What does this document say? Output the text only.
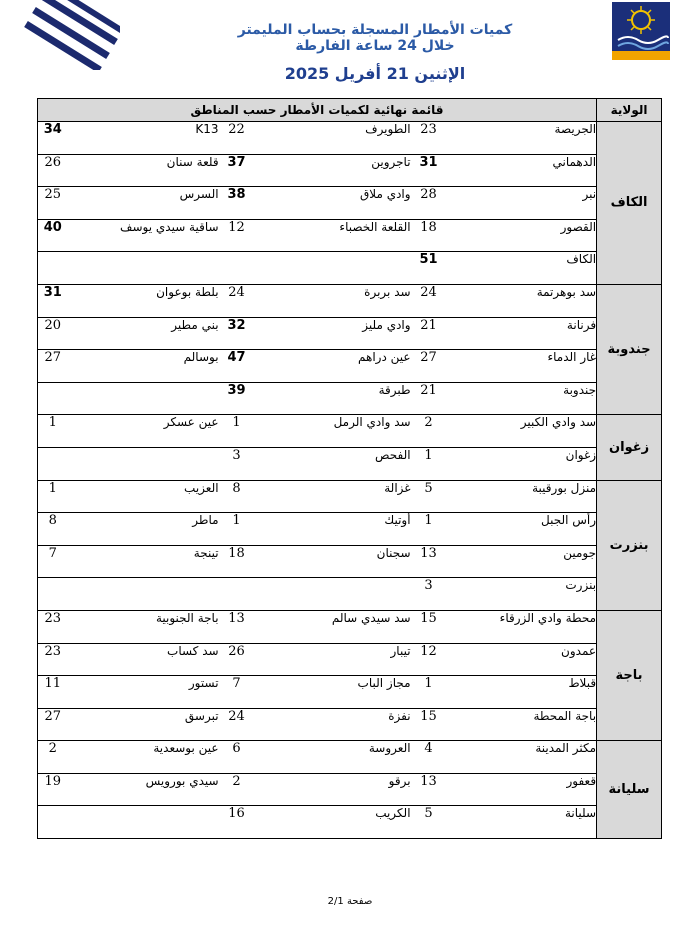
كميات الأمطار المسجلة بحساب المليمتر
خلال 24 ساعة الفارطة
الإثنين 21 أفريل 2025
الولاية	قائمة نهائية لكميات الأمطار حسب المناطق					
الكاف	الجريصة	23	الطويرف	22	K13	34
	الدهماني	31	تاجروين	37	قلعة سنان	26
	نبر	28	وادي ملاق	38	السرس	25
	القصور	18	القلعة الخصباء	12	ساقية سيدي يوسف	40
	الكاف	51				
جندوبة	سد بوهرتمة	24	سد بربرة	24	بلطة بوعوان	31
	فرنانة	21	وادي مليز	32	بني مطير	20
	غار الدماء	27	عين دراهم	47	بوسالم	27
	جندوبة	21	طبرقة	39		
زغوان	سد وادي الكبير	2	سد وادي الرمل	1	عين عسكر	1
	زغوان	1	الفحص	3		
بنزرت	منزل بورقيبة	5	غزالة	8	العزيب	1
	رأس الجبل	1	أوتيك	1	ماطر	8
	جومين	13	سجنان	18	تينجة	7
	بنزرت	3				
باجة	محطة وادي الزرقاء	15	سد سيدي سالم	13	باجة الجنوبية	23
	عمدون	12	تيبار	26	سد كساب	23
	قبلاط	1	مجاز الباب	7	تستور	11
	باجة المحطة	15	نفزة	24	تبرسق	27
سليانة	مكثر المدينة	4	العروسة	6	عين بوسعدية	2
	قعفور	13	برقو	2	سيدي بورويس	19
	سليانة	5	الكريب	16		
صفحة 2/1
